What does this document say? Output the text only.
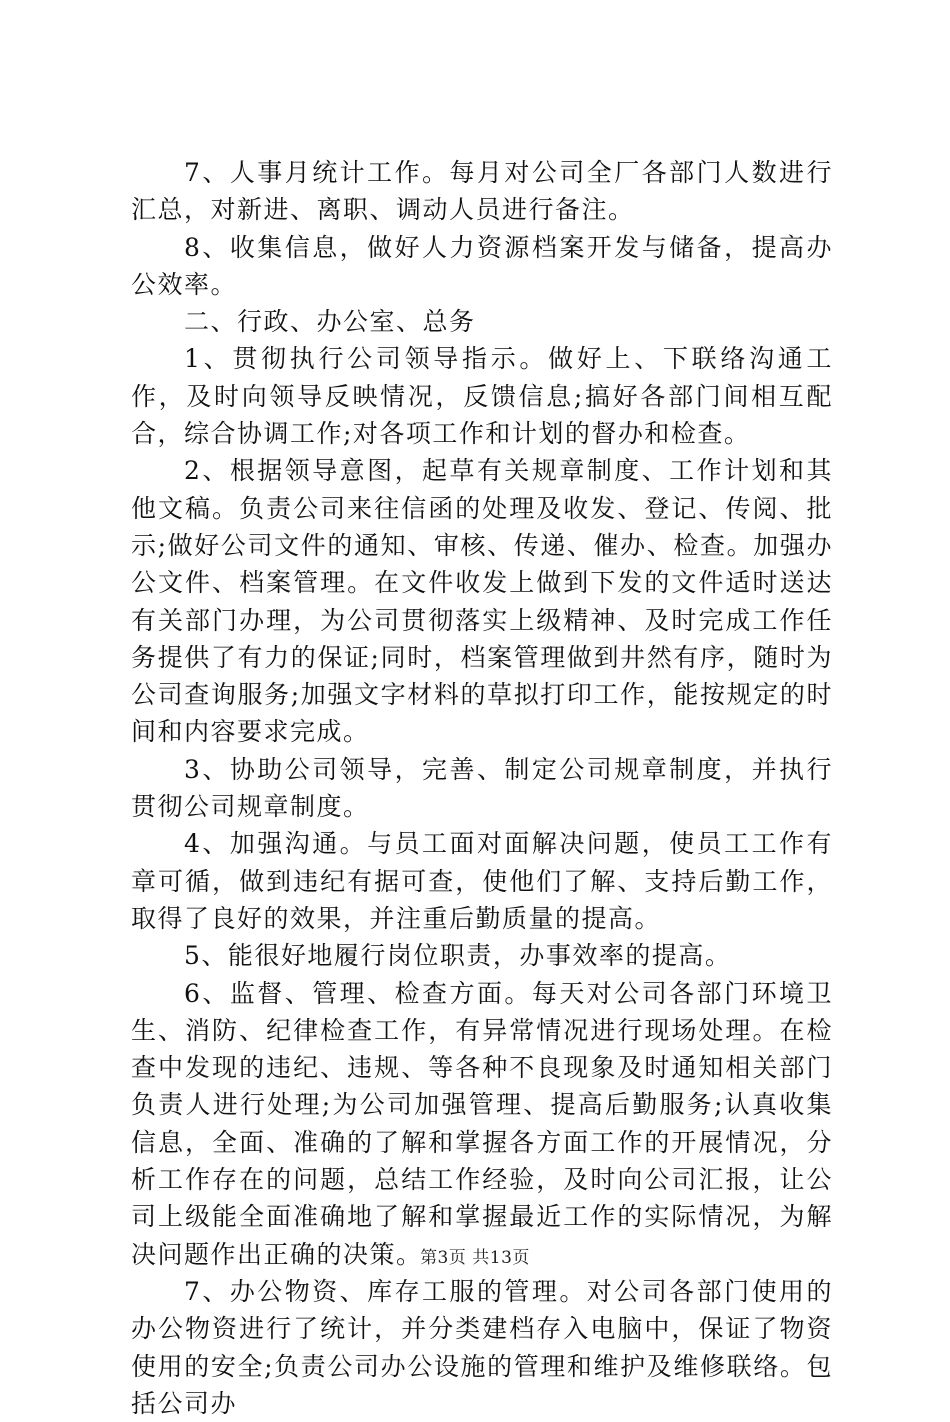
7、人事月统计工作。每月对公司全厂各部门人数进行汇总，对新进、离职、调动人员进行备注。

8、收集信息，做好人力资源档案开发与储备，提高办公效率。

二、行政、办公室、总务

1、贯彻执行公司领导指示。做好上、下联络沟通工作，及时向领导反映情况，反馈信息;搞好各部门间相互配合，综合协调工作;对各项工作和计划的督办和检查。

2、根据领导意图，起草有关规章制度、工作计划和其他文稿。负责公司来往信函的处理及收发、登记、传阅、批示;做好公司文件的通知、审核、传递、催办、检查。加强办公文件、档案管理。在文件收发上做到下发的文件适时送达有关部门办理，为公司贯彻落实上级精神、及时完成工作任务提供了有力的保证;同时，档案管理做到井然有序，随时为公司查询服务;加强文字材料的草拟打印工作，能按规定的时间和内容要求完成。

3、协助公司领导，完善、制定公司规章制度，并执行贯彻公司规章制度。

4、加强沟通。与员工面对面解决问题，使员工工作有章可循，做到违纪有据可查，使他们了解、支持后勤工作，取得了良好的效果，并注重后勤质量的提高。

5、能很好地履行岗位职责，办事效率的提高。

6、监督、管理、检查方面。每天对公司各部门环境卫生、消防、纪律检查工作，有异常情况进行现场处理。在检查中发现的违纪、违规、等各种不良现象及时通知相关部门负责人进行处理;为公司加强管理、提高后勤服务;认真收集信息，全面、准确的了解和掌握各方面工作的开展情况，分析工作存在的问题，总结工作经验，及时向公司汇报，让公司上级能全面准确地了解和掌握最近工作的实际情况，为解决问题作出正确的决策。

7、办公物资、库存工服的管理。对公司各部门使用的办公物资进行了统计，并分类建档存入电脑中，保证了物资使用的安全;负责公司办公设施的管理和维护及维修联络。包括公司办

第3页 共13页
